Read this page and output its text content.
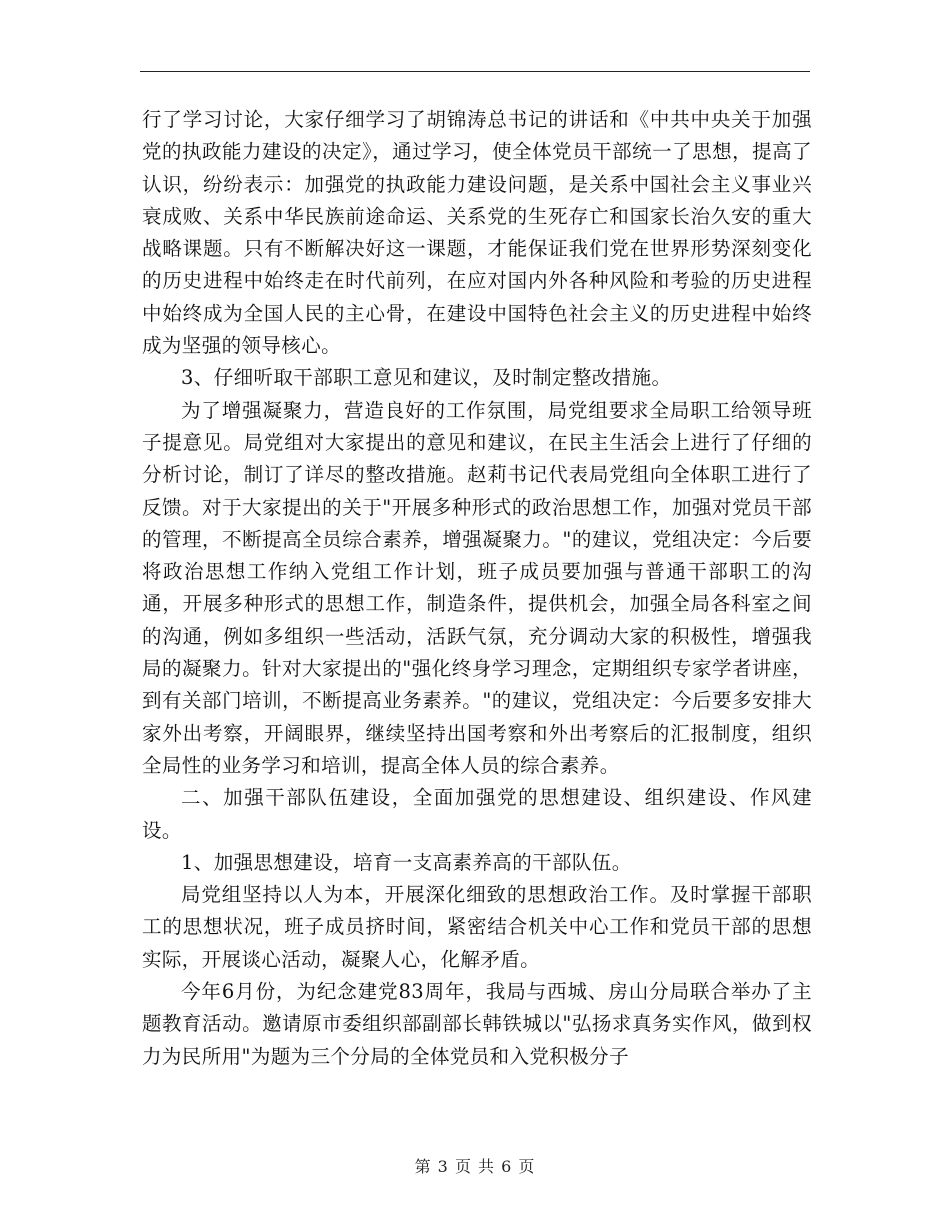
行了学习讨论，大家仔细学习了胡锦涛总书记的讲话和《中共中央关于加强党的执政能力建设的决定》，通过学习，使全体党员干部统一了思想，提高了认识，纷纷表示：加强党的执政能力建设问题，是关系中国社会主义事业兴衰成败、关系中华民族前途命运、关系党的生死存亡和国家长治久安的重大战略课题。只有不断解决好这一课题，才能保证我们党在世界形势深刻变化的历史进程中始终走在时代前列，在应对国内外各种风险和考验的历史进程中始终成为全国人民的主心骨，在建设中国特色社会主义的历史进程中始终成为坚强的领导核心。

3、仔细听取干部职工意见和建议，及时制定整改措施。

为了增强凝聚力，营造良好的工作氛围，局党组要求全局职工给领导班子提意见。局党组对大家提出的意见和建议，在民主生活会上进行了仔细的分析讨论，制订了详尽的整改措施。赵莉书记代表局党组向全体职工进行了反馈。对于大家提出的关于"开展多种形式的政治思想工作，加强对党员干部的管理，不断提高全员综合素养，增强凝聚力。"的建议，党组决定：今后要将政治思想工作纳入党组工作计划，班子成员要加强与普通干部职工的沟通，开展多种形式的思想工作，制造条件，提供机会，加强全局各科室之间的沟通，例如多组织一些活动，活跃气氛，充分调动大家的积极性，增强我局的凝聚力。针对大家提出的"强化终身学习理念，定期组织专家学者讲座，到有关部门培训，不断提高业务素养。"的建议，党组决定：今后要多安排大家外出考察，开阔眼界，继续坚持出国考察和外出考察后的汇报制度，组织全局性的业务学习和培训，提高全体人员的综合素养。

二、加强干部队伍建设，全面加强党的思想建设、组织建设、作风建设。

1、加强思想建设，培育一支高素养高的干部队伍。

局党组坚持以人为本，开展深化细致的思想政治工作。及时掌握干部职工的思想状况，班子成员挤时间，紧密结合机关中心工作和党员干部的思想实际，开展谈心活动，凝聚人心，化解矛盾。

今年6月份，为纪念建党83周年，我局与西城、房山分局联合举办了主题教育活动。邀请原市委组织部副部长韩铁城以"弘扬求真务实作风，做到权力为民所用"为题为三个分局的全体党员和入党积极分子

第 3 页 共 6 页
